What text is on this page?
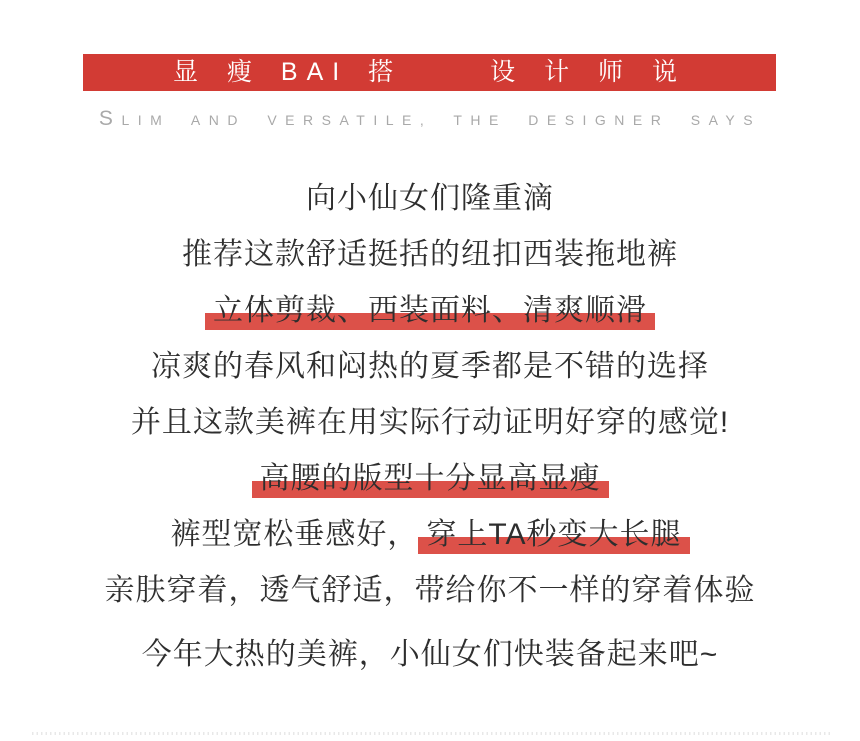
显 瘦 BAI 搭	设 计 师 说
SLIM AND VERSATILE, THE DESIGNER SAYS
向小仙女们隆重滴
推荐这款舒适挺括的纽扣西装拖地裤
立体剪裁、西装面料、清爽顺滑
凉爽的春风和闷热的夏季都是不错的选择
并且这款美裤在用实际行动证明好穿的感觉!
高腰的版型十分显高显瘦
裤型宽松垂感好， 穿上TA秒变大长腿
亲肤穿着，透气舒适，带给你不一样的穿着体验
今年大热的美裤，小仙女们快装备起来吧~
